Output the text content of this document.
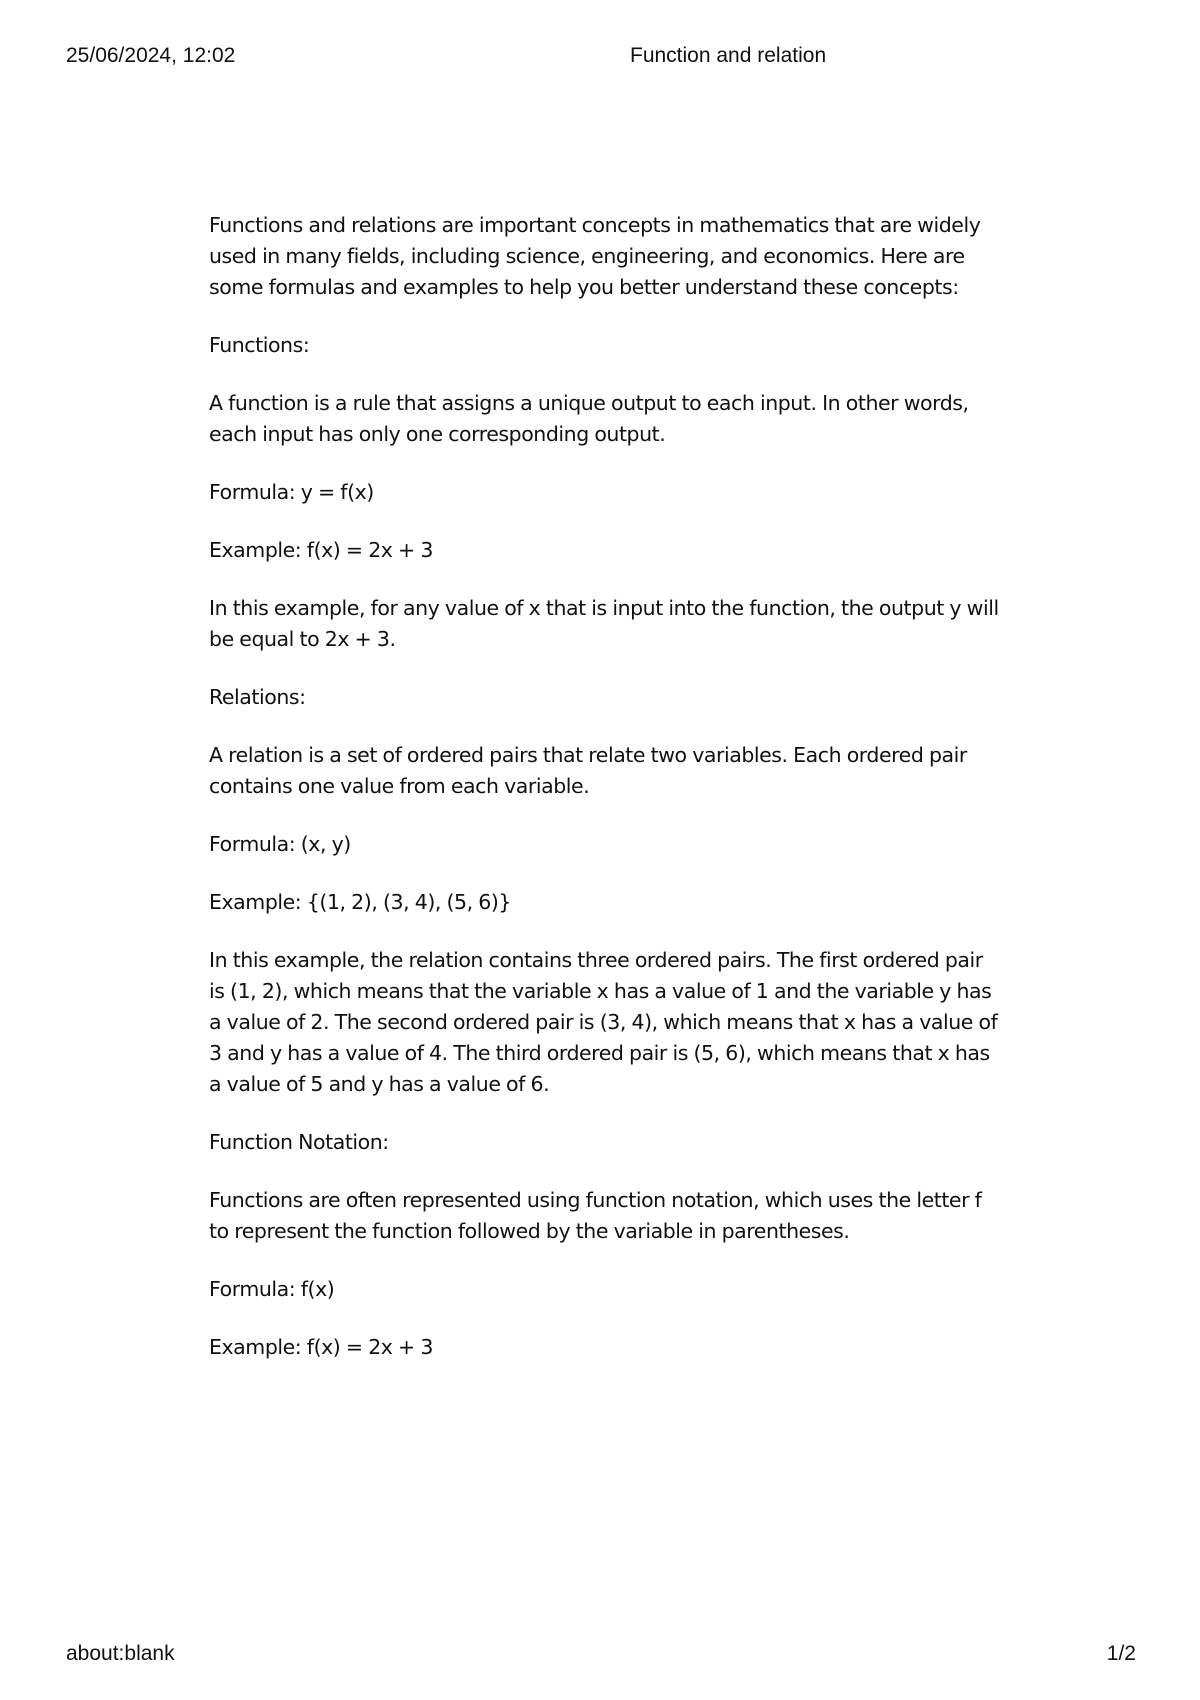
25/06/2024, 12:02	Function and relation

Functions and relations are important concepts in mathematics that are widely used in many fields, including science, engineering, and economics. Here are some formulas and examples to help you better understand these concepts:

Functions:

A function is a rule that assigns a unique output to each input. In other words, each input has only one corresponding output.

Formula: y = f(x)

Example: f(x) = 2x + 3

In this example, for any value of x that is input into the function, the output y will be equal to 2x + 3.

Relations:

A relation is a set of ordered pairs that relate two variables. Each ordered pair contains one value from each variable.

Formula: (x, y)

Example: {(1, 2), (3, 4), (5, 6)}

In this example, the relation contains three ordered pairs. The first ordered pair is (1, 2), which means that the variable x has a value of 1 and the variable y has a value of 2. The second ordered pair is (3, 4), which means that x has a value of 3 and y has a value of 4. The third ordered pair is (5, 6), which means that x has a value of 5 and y has a value of 6.

Function Notation:

Functions are often represented using function notation, which uses the letter f to represent the function followed by the variable in parentheses.

Formula: f(x)

Example: f(x) = 2x + 3

about:blank	1/2
